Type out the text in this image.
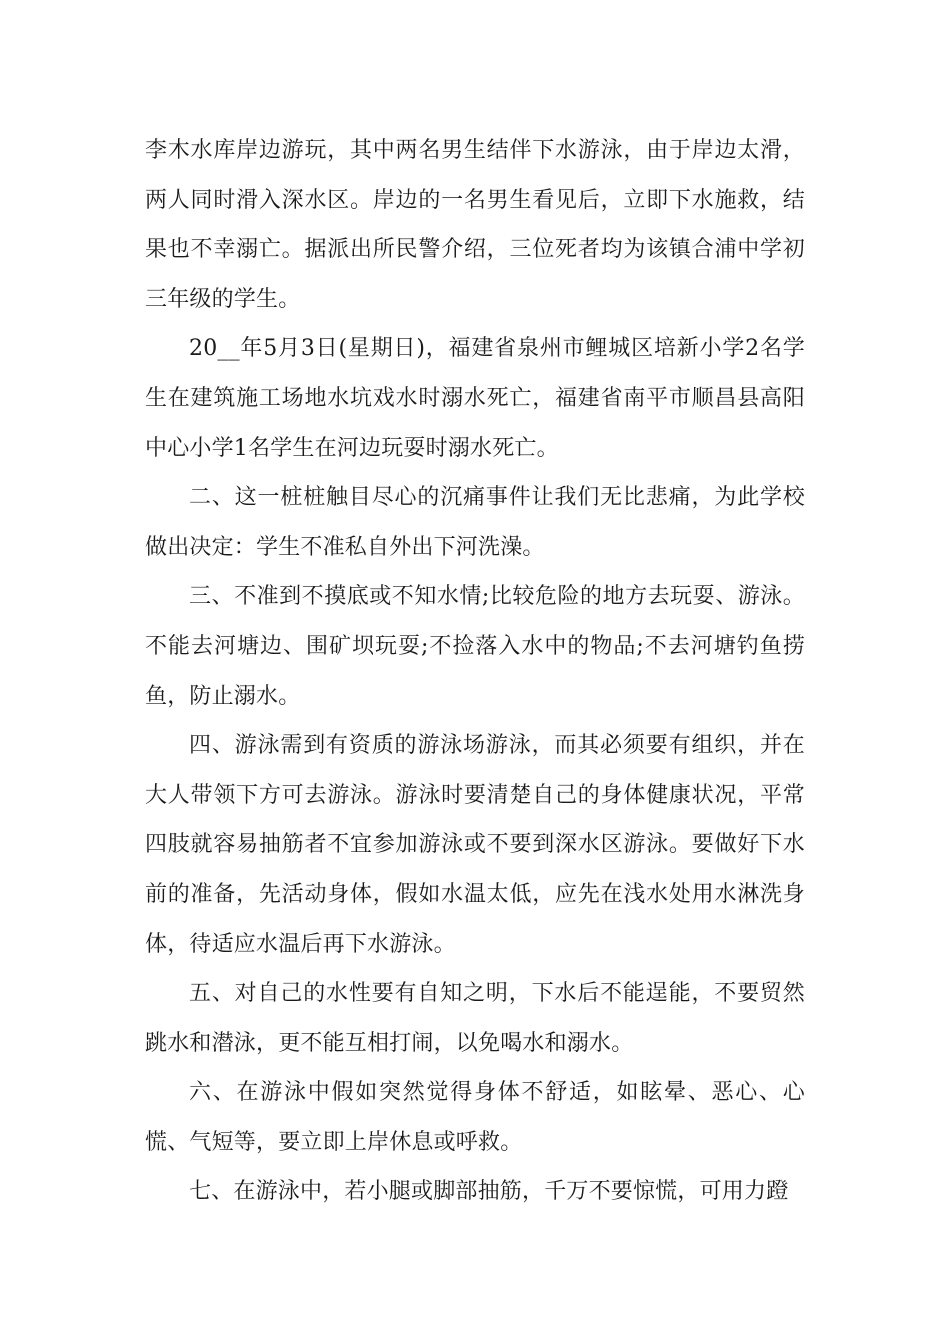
李木水库岸边游玩，其中两名男生结伴下水游泳，由于岸边太滑，两人同时滑入深水区。岸边的一名男生看见后，立即下水施救，结果也不幸溺亡。据派出所民警介绍，三位死者均为该镇合浦中学初三年级的学生。

20__年5月3日(星期日)，福建省泉州市鲤城区培新小学2名学生在建筑施工场地水坑戏水时溺水死亡，福建省南平市顺昌县高阳中心小学1名学生在河边玩耍时溺水死亡。

二、这一桩桩触目尽心的沉痛事件让我们无比悲痛，为此学校做出决定：学生不准私自外出下河洗澡。

三、不准到不摸底或不知水情;比较危险的地方去玩耍、游泳。不能去河塘边、围矿坝玩耍;不捡落入水中的物品;不去河塘钓鱼捞鱼，防止溺水。

四、游泳需到有资质的游泳场游泳，而其必须要有组织，并在大人带领下方可去游泳。游泳时要清楚自己的身体健康状况，平常四肢就容易抽筋者不宜参加游泳或不要到深水区游泳。要做好下水前的准备，先活动身体，假如水温太低，应先在浅水处用水淋洗身体，待适应水温后再下水游泳。

五、对自己的水性要有自知之明，下水后不能逞能，不要贸然跳水和潜泳，更不能互相打闹，以免喝水和溺水。

六、在游泳中假如突然觉得身体不舒适，如眩晕、恶心、心慌、气短等，要立即上岸休息或呼救。

七、在游泳中，若小腿或脚部抽筋，千万不要惊慌，可用力蹬
